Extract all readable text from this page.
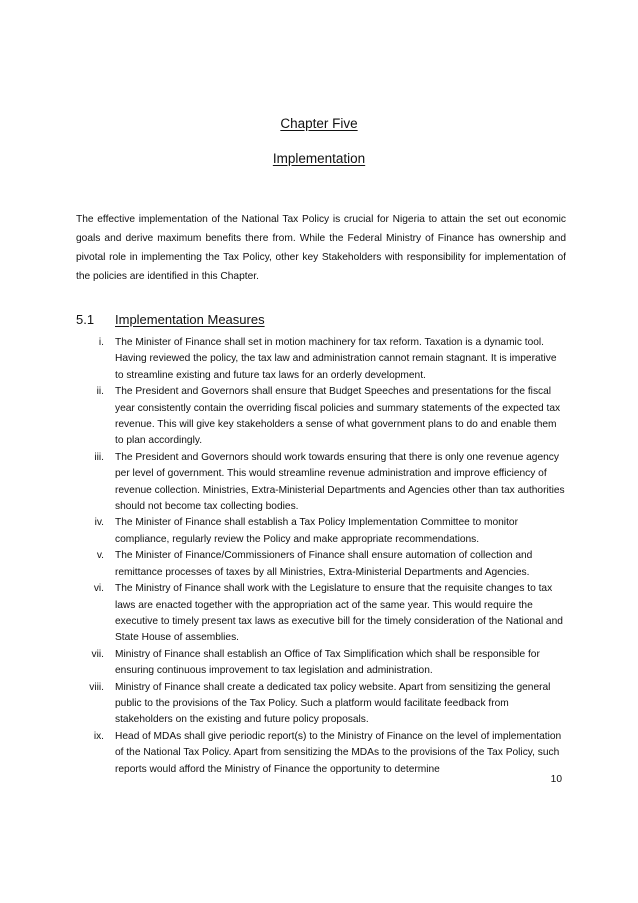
Chapter Five
Implementation

The effective implementation of the National Tax Policy is crucial for Nigeria to attain the set out economic goals and derive maximum benefits there from. While the Federal Ministry of Finance has ownership and pivotal role in implementing the Tax Policy, other key Stakeholders with responsibility for implementation of the policies are identified in this Chapter.

5.1 Implementation Measures
i. The Minister of Finance shall set in motion machinery for tax reform. Taxation is a dynamic tool. Having reviewed the policy, the tax law and administration cannot remain stagnant. It is imperative to streamline existing and future tax laws for an orderly development.
ii. The President and Governors shall ensure that Budget Speeches and presentations for the fiscal year consistently contain the overriding fiscal policies and summary statements of the expected tax revenue. This will give key stakeholders a sense of what government plans to do and enable them to plan accordingly.
iii. The President and Governors should work towards ensuring that there is only one revenue agency per level of government. This would streamline revenue administration and improve efficiency of revenue collection. Ministries, Extra-Ministerial Departments and Agencies other than tax authorities should not become tax collecting bodies.
iv. The Minister of Finance shall establish a Tax Policy Implementation Committee to monitor compliance, regularly review the Policy and make appropriate recommendations.
v. The Minister of Finance/Commissioners of Finance shall ensure automation of collection and remittance processes of taxes by all Ministries, Extra-Ministerial Departments and Agencies.
vi. The Ministry of Finance shall work with the Legislature to ensure that the requisite changes to tax laws are enacted together with the appropriation act of the same year. This would require the executive to timely present tax laws as executive bill for the timely consideration of the National and State House of assemblies.
vii. Ministry of Finance shall establish an Office of Tax Simplification which shall be responsible for ensuring continuous improvement to tax legislation and administration.
viii. Ministry of Finance shall create a dedicated tax policy website. Apart from sensitizing the general public to the provisions of the Tax Policy. Such a platform would facilitate feedback from stakeholders on the existing and future policy proposals.
ix. Head of MDAs shall give periodic report(s) to the Ministry of Finance on the level of implementation of the National Tax Policy. Apart from sensitizing the MDAs to the provisions of the Tax Policy, such reports would afford the Ministry of Finance the opportunity to determine
10
